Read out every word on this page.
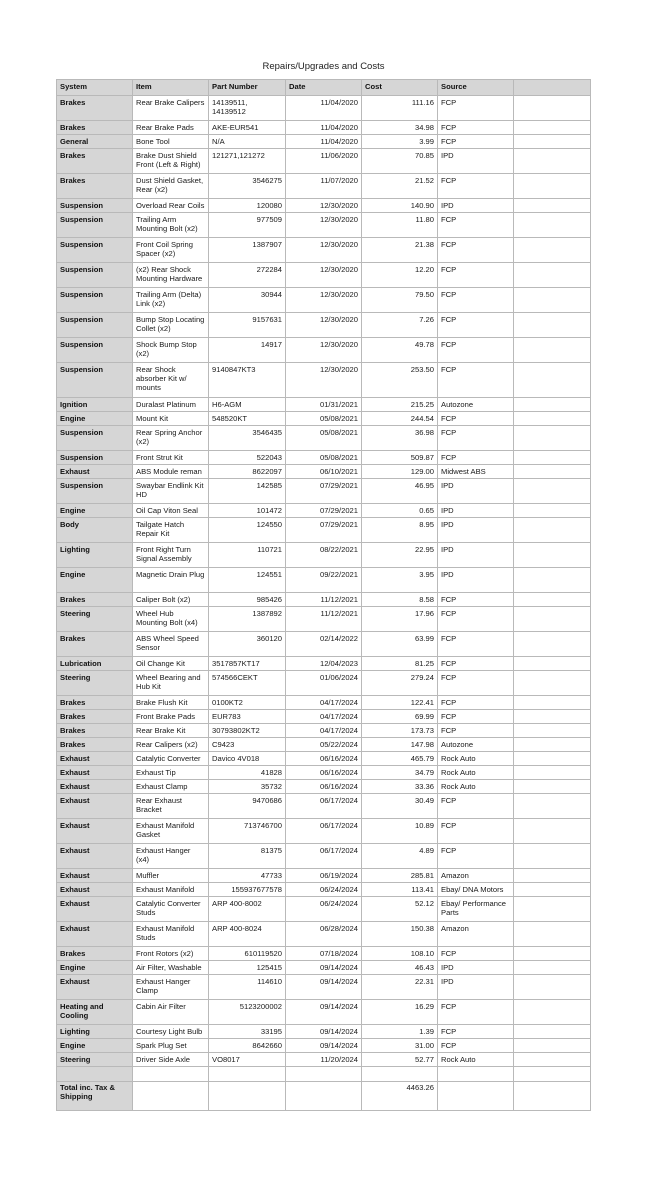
Repairs/Upgrades and Costs
System	Item	Part Number	Date	Cost	Source	
Brakes	Rear Brake Calipers	14139511, 14139512	11/04/2020	111.16	FCP	
Brakes	Rear Brake Pads	AKE-EUR541	11/04/2020	34.98	FCP	
General	Bone Tool	N/A	11/04/2020	3.99	FCP	
Brakes	Brake Dust Shield Front (Left & Right)	121271,121272	11/06/2020	70.85	IPD	
Brakes	Dust Shield Gasket, Rear (x2)	3546275	11/07/2020	21.52	FCP	
Suspension	Overload Rear Coils	120080	12/30/2020	140.90	IPD	
Suspension	Trailing Arm Mounting Bolt (x2)	977509	12/30/2020	11.80	FCP	
Suspension	Front Coil Spring Spacer (x2)	1387907	12/30/2020	21.38	FCP	
Suspension	(x2) Rear Shock Mounting Hardware	272284	12/30/2020	12.20	FCP	
Suspension	Trailing Arm (Delta) Link (x2)	30944	12/30/2020	79.50	FCP	
Suspension	Bump Stop Locating Collet (x2)	9157631	12/30/2020	7.26	FCP	
Suspension	Shock Bump Stop (x2)	14917	12/30/2020	49.78	FCP	
Suspension	Rear Shock absorber Kit w/ mounts	9140847KT3	12/30/2020	253.50	FCP	
Ignition	Duralast Platinum	H6-AGM	01/31/2021	215.25	Autozone	
Engine	Mount Kit	548520KT	05/08/2021	244.54	FCP	
Suspension	Rear Spring Anchor (x2)	3546435	05/08/2021	36.98	FCP	
Suspension	Front Strut Kit	522043	05/08/2021	509.87	FCP	
Exhaust	ABS Module reman	8622097	06/10/2021	129.00	Midwest ABS	
Suspension	Swaybar Endlink Kit HD	142585	07/29/2021	46.95	IPD	
Engine	Oil Cap Viton Seal	101472	07/29/2021	0.65	IPD	
Body	Tailgate Hatch Repair Kit	124550	07/29/2021	8.95	IPD	
Lighting	Front Right Turn Signal Assembly	110721	08/22/2021	22.95	IPD	
Engine	Magnetic Drain Plug	124551	09/22/2021	3.95	IPD	
Brakes	Caliper Bolt (x2)	985426	11/12/2021	8.58	FCP	
Steering	Wheel Hub Mounting Bolt (x4)	1387892	11/12/2021	17.96	FCP	
Brakes	ABS Wheel Speed Sensor	360120	02/14/2022	63.99	FCP	
Lubrication	Oil Change Kit	3517857KT17	12/04/2023	81.25	FCP	
Steering	Wheel Bearing and Hub Kit	574566CEKT	01/06/2024	279.24	FCP	
Brakes	Brake Flush Kit	0100KT2	04/17/2024	122.41	FCP	
Brakes	Front Brake Pads	EUR783	04/17/2024	69.99	FCP	
Brakes	Rear Brake Kit	30793802KT2	04/17/2024	173.73	FCP	
Brakes	Rear Calipers (x2)	C9423	05/22/2024	147.98	Autozone	
Exhaust	Catalytic Converter	Davico 4V018	06/16/2024	465.79	Rock Auto	
Exhaust	Exhaust Tip	41828	06/16/2024	34.79	Rock Auto	
Exhaust	Exhaust Clamp	35732	06/16/2024	33.36	Rock Auto	
Exhaust	Rear Exhaust Bracket	9470686	06/17/2024	30.49	FCP	
Exhaust	Exhaust Manifold Gasket	713746700	06/17/2024	10.89	FCP	
Exhaust	Exhaust Hanger (x4)	81375	06/17/2024	4.89	FCP	
Exhaust	Muffler	47733	06/19/2024	285.81	Amazon	
Exhaust	Exhaust Manifold	155937677578	06/24/2024	113.41	Ebay/ DNA Motors	
Exhaust	Catalytic Converter Studs	ARP 400-8002	06/24/2024	52.12	Ebay/ Performance Parts	
Exhaust	Exhaust Manifold Studs	ARP 400-8024	06/28/2024	150.38	Amazon	
Brakes	Front Rotors (x2)	610119520	07/18/2024	108.10	FCP	
Engine	Air Filter, Washable	125415	09/14/2024	46.43	IPD	
Exhaust	Exhaust Hanger Clamp	114610	09/14/2024	22.31	IPD	
Heating and Cooling	Cabin Air Filter	5123200002	09/14/2024	16.29	FCP	
Lighting	Courtesy Light Bulb	33195	09/14/2024	1.39	FCP	
Engine	Spark Plug Set	8642660	09/14/2024	31.00	FCP	
Steering	Driver Side Axle	VO8017	11/20/2024	52.77	Rock Auto	

Total inc. Tax & Shipping				4463.26		
